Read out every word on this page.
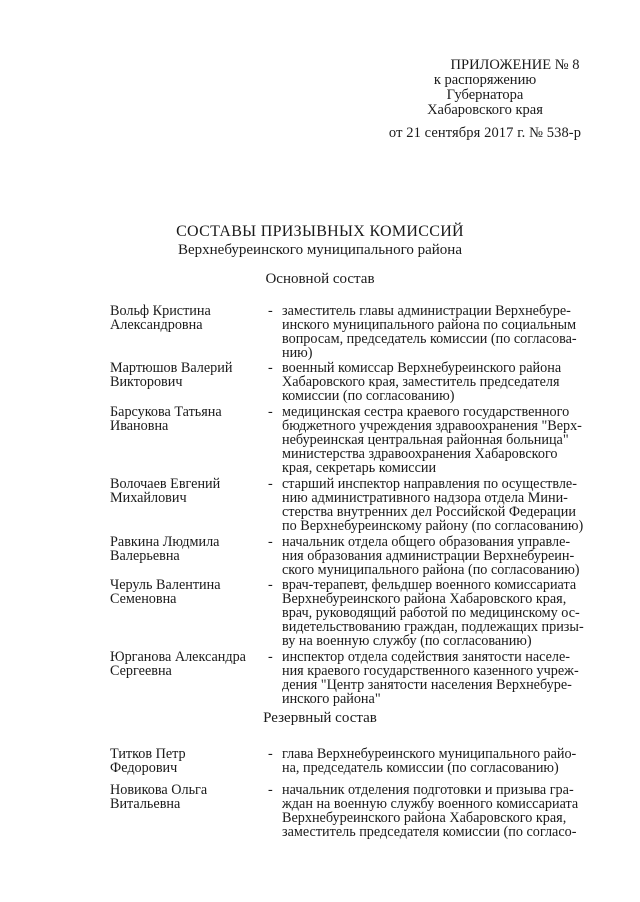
ПРИЛОЖЕНИЕ № 8
к распоряжению
Губернатора
Хабаровского края
от 21 сентября 2017 г. № 538-р
СОСТАВЫ ПРИЗЫВНЫХ КОМИССИЙ
Верхнебуреинского муниципального района
Основной состав
Вольф Кристина
Александровна
- заместитель главы администрации Верхнебуре-
инского муниципального района по социальным
вопросам, председатель комиссии (по согласова-
нию)
Мартюшов Валерий
Викторович
- военный комиссар Верхнебуреинского района
Хабаровского края, заместитель председателя
комиссии (по согласованию)
Барсукова Татьяна
Ивановна
- медицинская сестра краевого государственного
бюджетного учреждения здравоохранения "Верх-
небуреинская центральная районная больница"
министерства здравоохранения Хабаровского
края, секретарь комиссии
Волочаев Евгений
Михайлович
- старший инспектор направления по осуществле-
нию административного надзора отдела Мини-
стерства внутренних дел Российской Федерации
по Верхнебуреинскому району (по согласованию)
Равкина Людмила
Валерьевна
- начальник отдела общего образования управле-
ния образования администрации Верхнебуреин-
ского муниципального района (по согласованию)
Черуль Валентина
Семеновна
- врач-терапевт, фельдшер военного комиссариата
Верхнебуреинского района Хабаровского края,
врач, руководящий работой по медицинскому ос-
видетельствованию граждан, подлежащих призы-
ву на военную службу (по согласованию)
Юрганова Александра
Сергеевна
- инспектор отдела содействия занятости населе-
ния краевого государственного казенного учреж-
дения "Центр занятости населения Верхнебуре-
инского района"
Резервный состав
Титков Петр
Федорович
- глава Верхнебуреинского муниципального райо-
на, председатель комиссии (по согласованию)
Новикова Ольга
Витальевна
- начальник отделения подготовки и призыва гра-
ждан на военную службу военного комиссариата
Верхнебуреинского района Хабаровского края,
заместитель председателя комиссии (по согласо-
